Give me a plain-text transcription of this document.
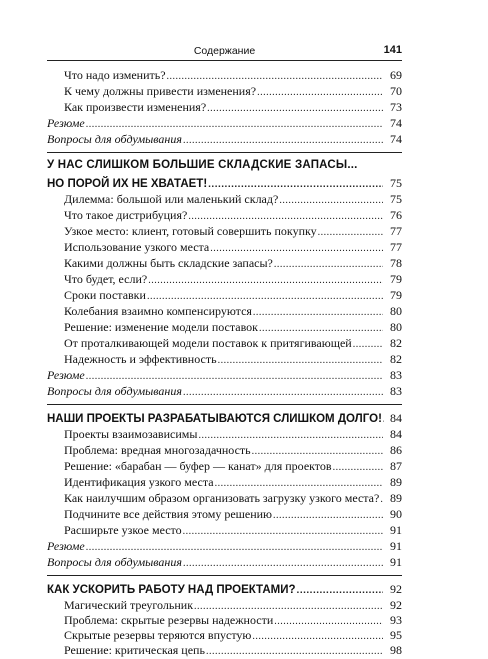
Содержание	141
Что надо изменить? .....	69
К чему должны привести изменения? .....	70
Как произвести изменения? .....	73
Резюме .....	74
Вопросы для обдумывания .....	74
У НАС СЛИШКОМ БОЛЬШИЕ СКЛАДСКИЕ ЗАПАСЫ...
НО ПОРОЙ ИХ НЕ ХВАТАЕТ! .....	75
Дилемма: большой или маленький склад? .....	75
Что такое дистрибуция? .....	76
Узкое место: клиент, готовый совершить покупку .....	77
Использование узкого места .....	77
Какими должны быть складские запасы? .....	78
Что будет, если? .....	79
Сроки поставки .....	79
Колебания взаимно компенсируются .....	80
Решение: изменение модели поставок .....	80
От проталкивающей модели поставок к притягивающей .....	82
Надежность и эффективность .....	82
Резюме .....	83
Вопросы для обдумывания .....	83
НАШИ ПРОЕКТЫ РАЗРАБАТЫВАЮТСЯ СЛИШКОМ ДОЛГО! ..... 84
Проекты взаимозависимы .....	84
Проблема: вредная многозадачность .....	86
Решение: «барабан — буфер — канат» для проектов .....	87
Идентификация узкого места .....	89
Как наилучшим образом организовать загрузку узкого места? ..... 89
Подчините все действия этому решению .....	90
Расширьте узкое место .....	91
Резюме .....	91
Вопросы для обдумывания .....	91
КАК УСКОРИТЬ РАБОТУ НАД ПРОЕКТАМИ? .....	92
Магический треугольник .....	92
Проблема: скрытые резервы надежности .....	93
Скрытые резервы теряются впустую .....	95
Решение: критическая цепь .....	98
